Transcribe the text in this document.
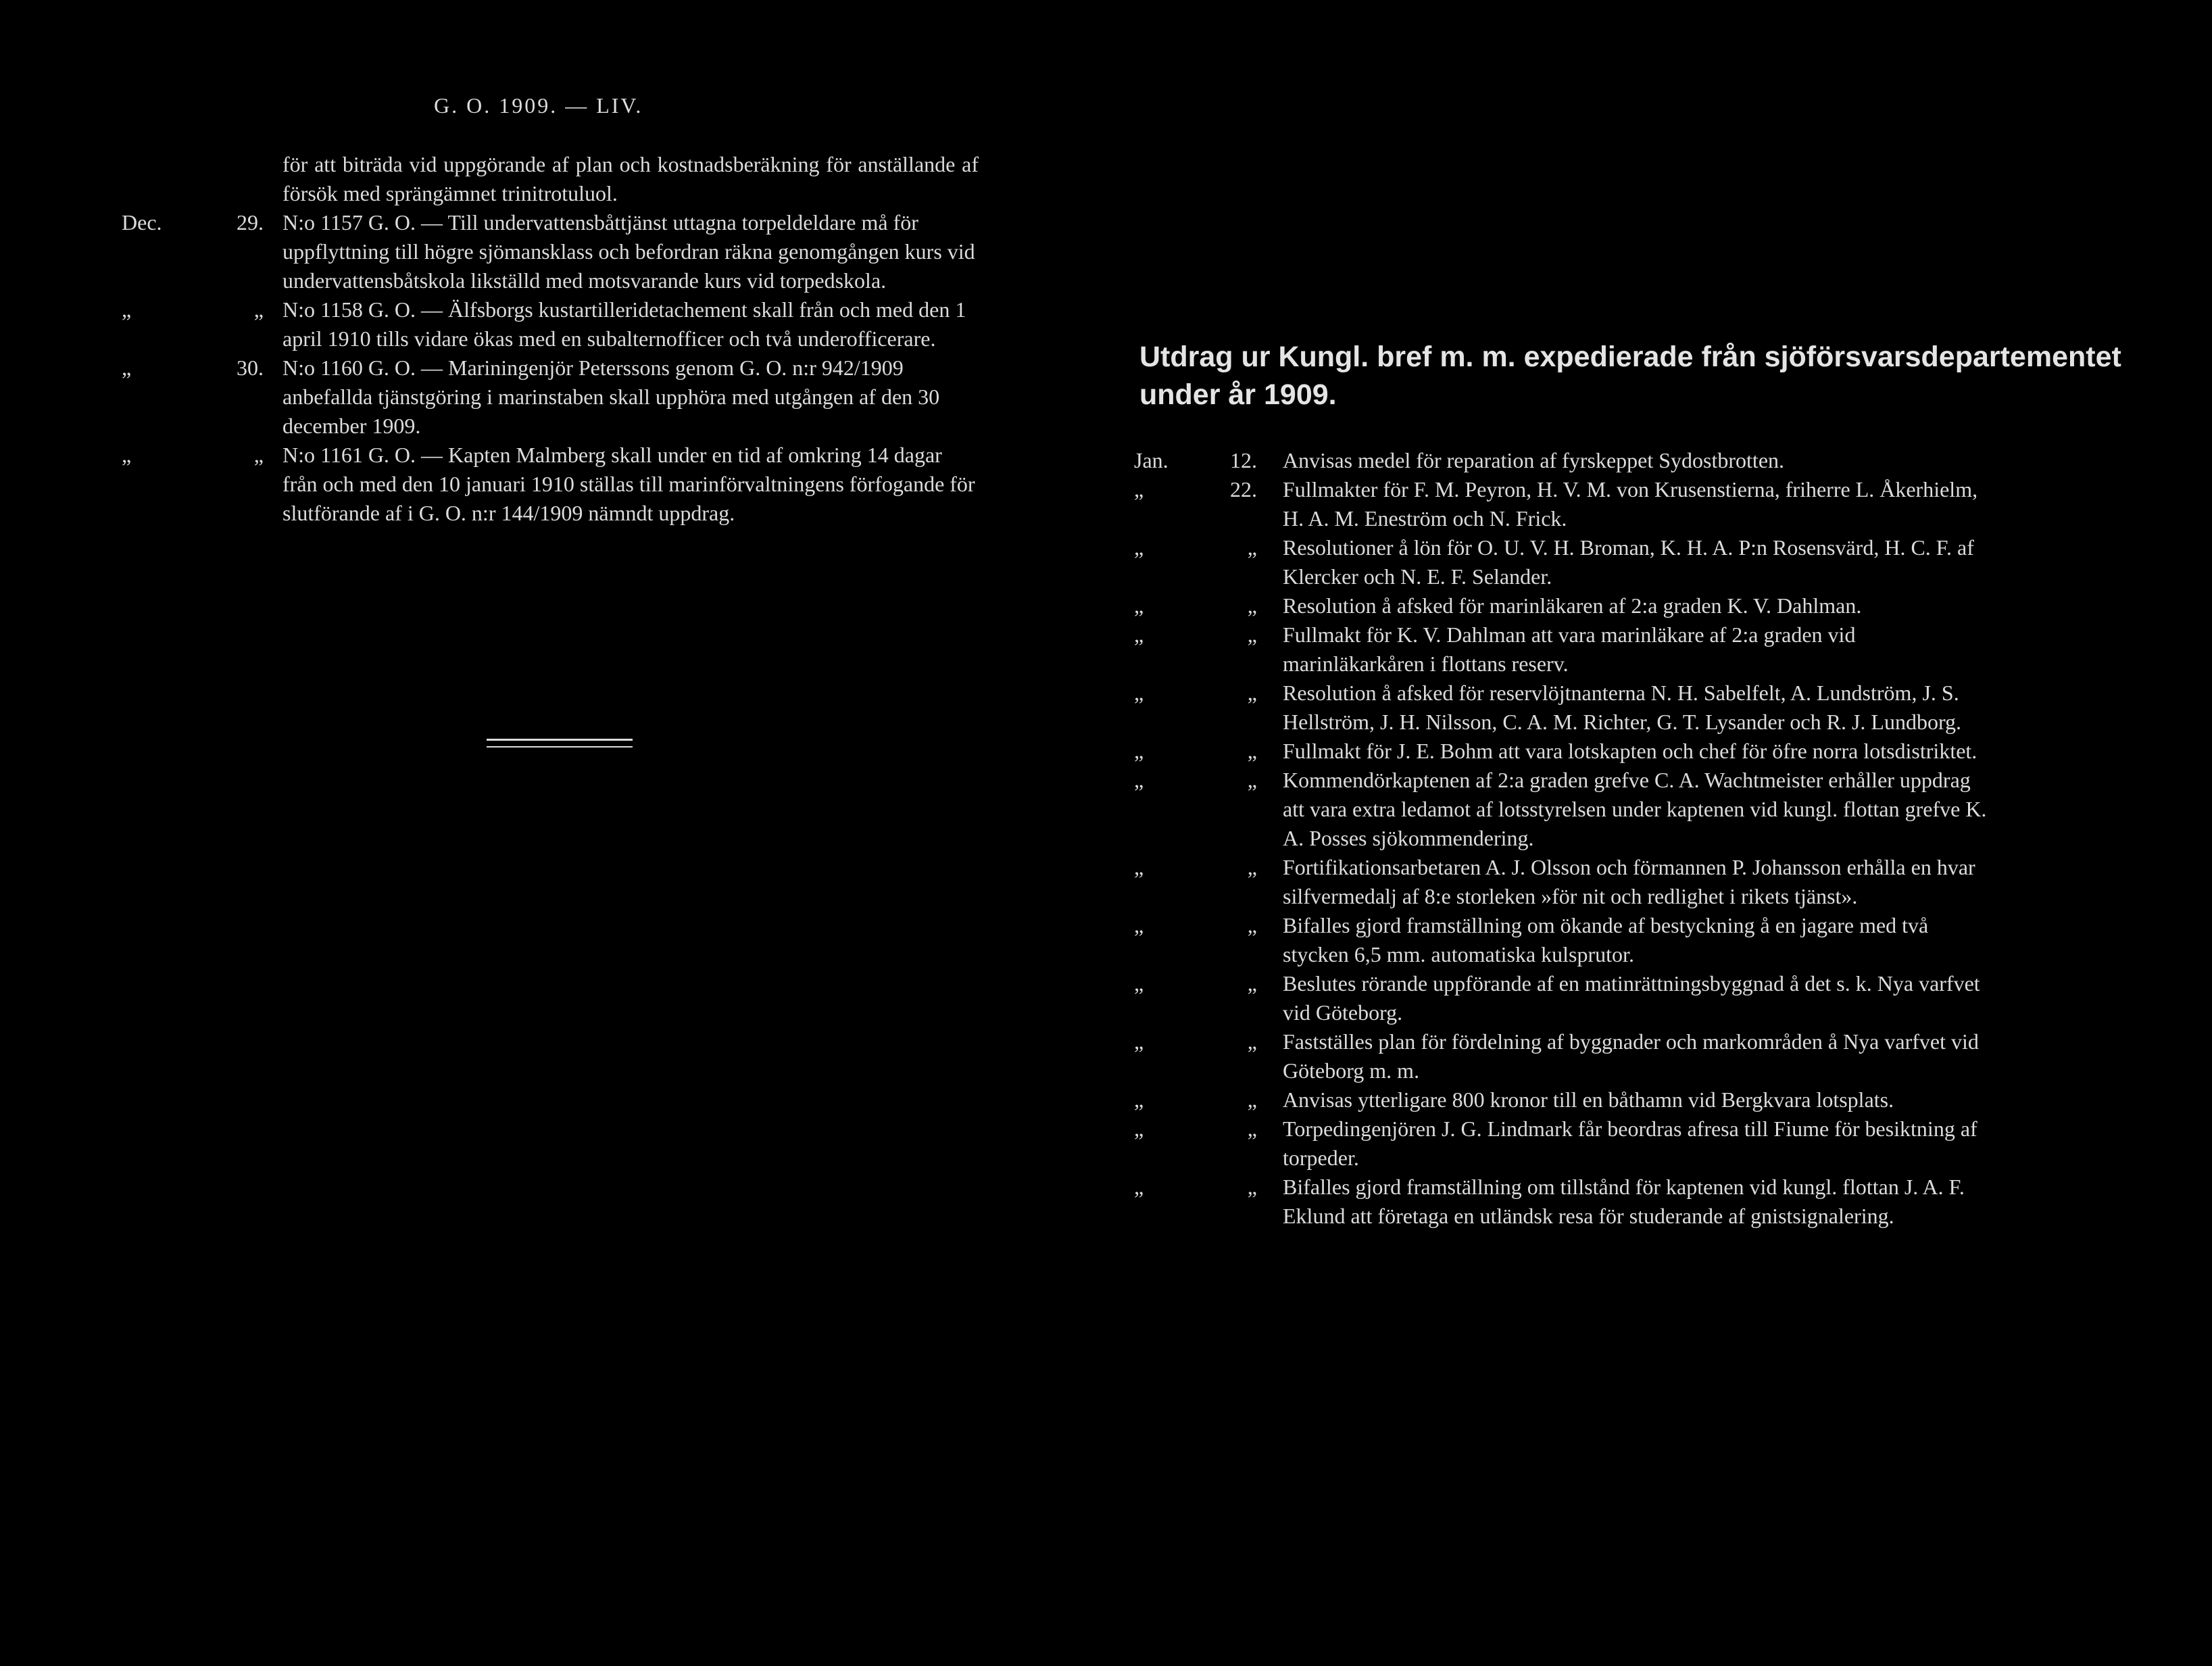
G. O. 1909. — LIV.
för att biträda vid uppgörande af plan och kostnadsberäkning för anställande af försök med sprängämnet trinitrotuluol.
Dec.	29. N:o 1157 G. O. — Till undervattensbåttjänst uttagna torpeldeldare må för uppflyttning till högre sjömansklass och befordran räkna genomgången kurs vid undervattensbåtskola likställd med motsvarande kurs vid torpedskola.
„	„ N:o 1158 G. O. — Älfsborgs kustartilleridetachement skall från och med den 1 april 1910 tills vidare ökas med en subalternofficer och två underofficerare.
„	30. N:o 1160 G. O. — Mariningenjör Peterssons genom G. O. n:r 942/1909 anbefallda tjänstgöring i marinstaben skall upphöra med utgången af den 30 december 1909.
„	„ N:o 1161 G. O. — Kapten Malmberg skall under en tid af omkring 14 dagar från och med den 10 januari 1910 ställas till marinförvaltningens förfogande för slutförande af i G. O. n:r 144/1909 nämndt uppdrag.
Utdrag ur Kungl. bref m. m. expedierade från sjöförsvarsdepartementet under år 1909.
Jan.	12.	Anvisas medel för reparation af fyrskeppet Sydostbrotten.
„	22.	Fullmakter för F. M. Peyron, H. V. M. von Krusenstierna, friherre L. Åkerhielm, H. A. M. Eneström och N. Frick.
„	„	Resolutioner å lön för O. U. V. H. Broman, K. H. A. P:n Rosensvärd, H. C. F. af Klercker och N. E. F. Selander.
„	„	Resolution å afsked för marinläkaren af 2:a graden K. V. Dahlman.
„	„	Fullmakt för K. V. Dahlman att vara marinläkare af 2:a graden vid marinläkarkåren i flottans reserv.
„	„	Resolution å afsked för reservlöjtnanterna N. H. Sabelfelt, A. Lundström, J. S. Hellström, J. H. Nilsson, C. A. M. Richter, G. T. Lysander och R. J. Lundborg.
„	„	Fullmakt för J. E. Bohm att vara lotskapten och chef för öfre norra lotsdistriktet.
„	„	Kommendörkaptenen af 2:a graden grefve C. A. Wachtmeister erhåller uppdrag att vara extra ledamot af lotsstyrelsen under kaptenen vid kungl. flottan grefve K. A. Posses sjökommendering.
„	„	Fortifikationsarbetaren A. J. Olsson och förmannen P. Johansson erhålla en hvar silfvermedalj af 8:e storleken »för nit och redlighet i rikets tjänst».
„	„	Bifalles gjord framställning om ökande af bestyckning å en jagare med två stycken 6,5 mm. automatiska kulsprutor.
„	„	Beslutes rörande uppförande af en matinrättningsbyggnad å det s. k. Nya varfvet vid Göteborg.
„	„	Fastställes plan för fördelning af byggnader och markområden å Nya varfvet vid Göteborg m. m.
„	„	Anvisas ytterligare 800 kronor till en båthamn vid Bergkvara lotsplats.
„	„	Torpedingenjören J. G. Lindmark får beordras afresa till Fiume för besiktning af torpeder.
„	„	Bifalles gjord framställning om tillstånd för kaptenen vid kungl. flottan J. A. F. Eklund att företaga en utländsk resa för studerande af gnistsignalering.
